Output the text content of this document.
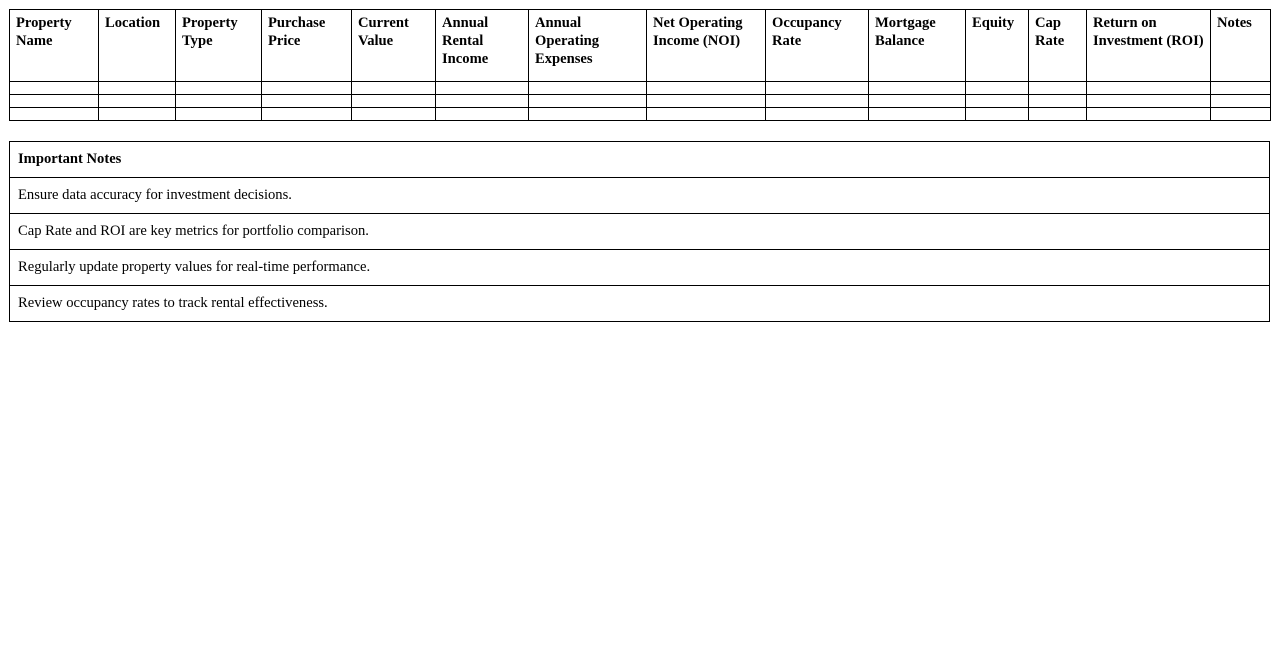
Property Name	Location	Property Type	Purchase Price	Current Value	Annual Rental Income	Annual Operating Expenses	Net Operating Income (NOI)	Occupancy Rate	Mortgage Balance	Equity	Cap Rate	Return on Investment (ROI)	Notes

Important Notes
Ensure data accuracy for investment decisions.
Cap Rate and ROI are key metrics for portfolio comparison.
Regularly update property values for real-time performance.
Review occupancy rates to track rental effectiveness.
